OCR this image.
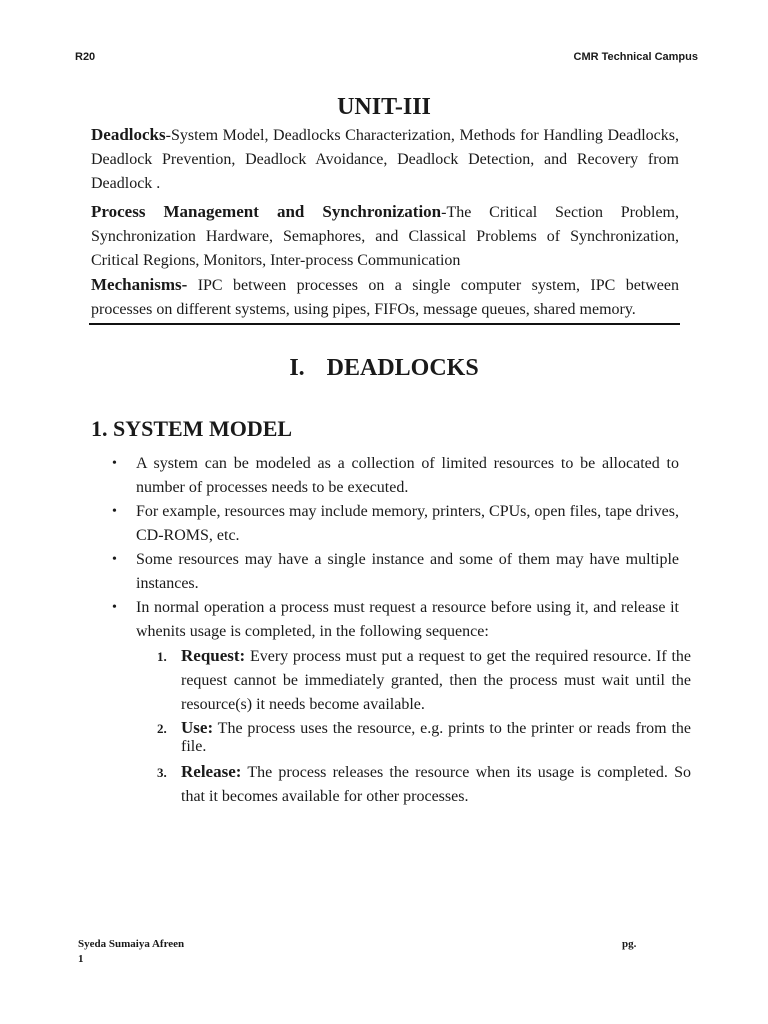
R20	CMR Technical Campus
UNIT-III

Deadlocks-System Model, Deadlocks Characterization, Methods for Handling Deadlocks, Deadlock Prevention, Deadlock Avoidance, Deadlock Detection, and Recovery from Deadlock .

Process Management and Synchronization-The Critical Section Problem, Synchronization Hardware, Semaphores, and Classical Problems of Synchronization, Critical Regions, Monitors, Inter-process Communication
Mechanisms- IPC between processes on a single computer system, IPC between processes on different systems, using pipes, FIFOs, message queues, shared memory.

I. DEADLOCKS
1. SYSTEM MODEL
• A system can be modeled as a collection of limited resources to be allocated to number of processes needs to be executed.
• For example, resources may include memory, printers, CPUs, open files, tape drives, CD-ROMS, etc.
• Some resources may have a single instance and some of them may have multiple instances.
• In normal operation a process must request a resource before using it, and release it whenits usage is completed, in the following sequence:
1. Request: Every process must put a request to get the required resource. If the request cannot be immediately granted, then the process must wait until the resource(s) it needs become available.
2. Use: The process uses the resource, e.g. prints to the printer or reads from the file.
3. Release: The process releases the resource when its usage is completed. So that it becomes available for other processes.
Syeda Sumaiya Afreen
1
pg.
